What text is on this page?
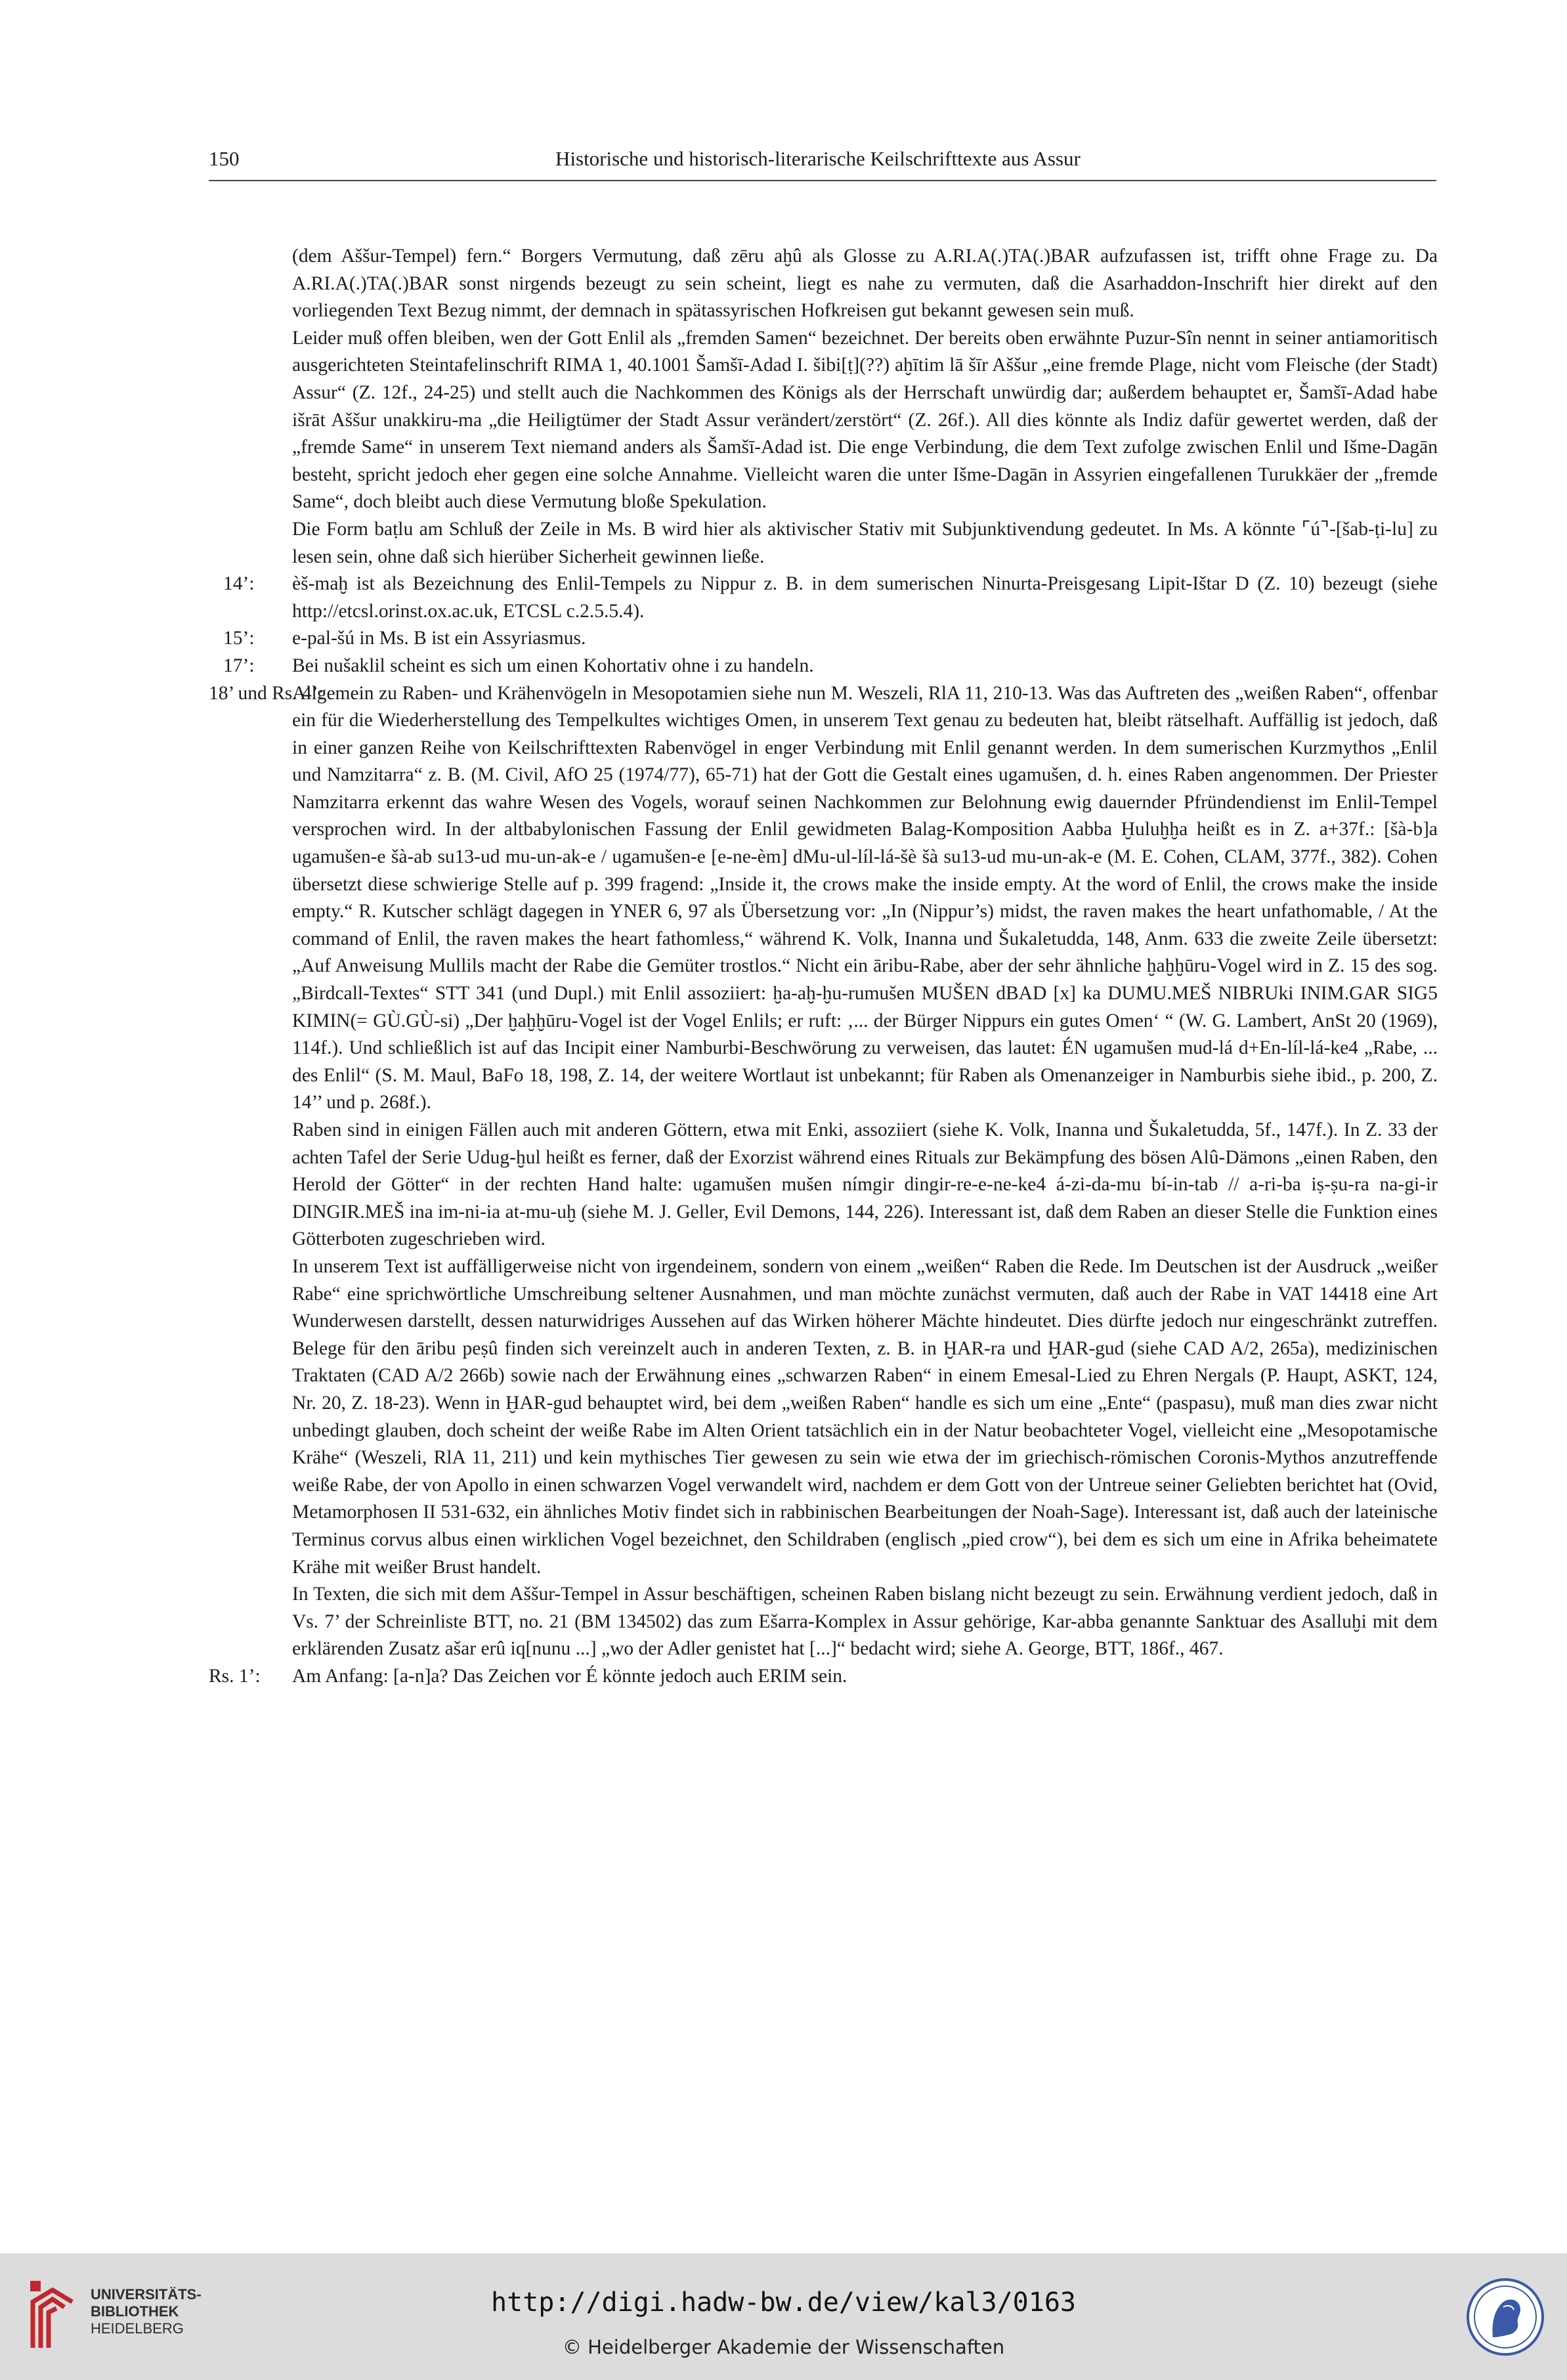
150	Historische und historisch-literarische Keilschrifttexte aus Assur

(dem Aššur-Tempel) fern.“ Borgers Vermutung, daß zēru aḫû als Glosse zu A.RI.A(.)TA(.)BAR aufzufassen ist, trifft ohne Frage zu. Da A.RI.A(.)TA(.)BAR sonst nirgends bezeugt zu sein scheint, liegt es nahe zu vermuten, daß die Asarhaddon-Inschrift hier direkt auf den vorliegenden Text Bezug nimmt, der demnach in spätassyrischen Hofkreisen gut bekannt gewesen sein muß.

Leider muß offen bleiben, wen der Gott Enlil als „fremden Samen“ bezeichnet. Der bereits oben erwähnte Puzur-Sîn nennt in seiner antiamoritisch ausgerichteten Steintafelinschrift RIMA 1, 40.1001 Šamšī-Adad I. šibi[ṭ](??) aḫītim lā šīr Aššur „eine fremde Plage, nicht vom Fleische (der Stadt) Assur“ (Z. 12f., 24-25) und stellt auch die Nachkommen des Königs als der Herrschaft unwürdig dar; außerdem behauptet er, Šamšī-Adad habe išrāt Aššur unakkiru-ma „die Heiligtümer der Stadt Assur verändert/zerstört“ (Z. 26f.). All dies könnte als Indiz dafür gewertet werden, daß der „fremde Same“ in unserem Text niemand anders als Šamšī-Adad ist. Die enge Verbindung, die dem Text zufolge zwischen Enlil und Išme-Dagān besteht, spricht jedoch eher gegen eine solche Annahme. Vielleicht waren die unter Išme-Dagān in Assyrien eingefallenen Turukkäer der „fremde Same“, doch bleibt auch diese Vermutung bloße Spekulation.

Die Form baṭlu am Schluß der Zeile in Ms. B wird hier als aktivischer Stativ mit Subjunktivendung gedeutet. In Ms. A könnte ⌜ú⌝-[šab-ṭi-lu] zu lesen sein, ohne daß sich hierüber Sicherheit gewinnen ließe.

14’: èš-maḫ ist als Bezeichnung des Enlil-Tempels zu Nippur z. B. in dem sumerischen Ninurta-Preisgesang Lipit-Ištar D (Z. 10) bezeugt (siehe http://etcsl.orinst.ox.ac.uk, ETCSL c.2.5.5.4).
15’: e-pal-šú in Ms. B ist ein Assyriasmus.
17’: Bei nušaklil scheint es sich um einen Kohortativ ohne i zu handeln.
18’ und Rs. 4’:
Allgemein zu Raben- und Krähenvögeln in Mesopotamien siehe nun M. Weszeli, RlA 11, 210-13. Was das Auftreten des „weißen Raben“, offenbar ein für die Wiederherstellung des Tempelkultes wichtiges Omen, in unserem Text genau zu bedeuten hat, bleibt rätselhaft. Auffällig ist jedoch, daß in einer ganzen Reihe von Keilschrifttexten Rabenvögel in enger Verbindung mit Enlil genannt werden. In dem sumerischen Kurzmythos „Enlil und Namzitarra“ z. B. (M. Civil, AfO 25 (1974/77), 65-71) hat der Gott die Gestalt eines ugamušen, d. h. eines Raben angenommen. Der Priester Namzitarra erkennt das wahre Wesen des Vogels, worauf seinen Nachkommen zur Belohnung ewig dauernder Pfründendienst im Enlil-Tempel versprochen wird. In der altbabylonischen Fassung der Enlil gewidmeten Balag-Komposition Aabba Ḫuluḫḫa heißt es in Z. a+37f.: [šà-b]a ugamušen-e šà-ab su13-ud mu-un-ak-e / ugamušen-e [e-ne-èm] dMu-ul-líl-lá-šè šà su13-ud mu-un-ak-e (M. E. Cohen, CLAM, 377f., 382). Cohen übersetzt diese schwierige Stelle auf p. 399 fragend: „Inside it, the crows make the inside empty. At the word of Enlil, the crows make the inside empty.“ R. Kutscher schlägt dagegen in YNER 6, 97 als Übersetzung vor: „In (Nippur’s) midst, the raven makes the heart unfathomable, / At the command of Enlil, the raven makes the heart fathomless,“ während K. Volk, Inanna und Šukaletudda, 148, Anm. 633 die zweite Zeile übersetzt: „Auf Anweisung Mullils macht der Rabe die Gemüter trostlos.“ Nicht ein āribu-Rabe, aber der sehr ähnliche ḫaḫḫūru-Vogel wird in Z. 15 des sog. „Birdcall-Textes“ STT 341 (und Dupl.) mit Enlil assoziiert: ḫa-aḫ-ḫu-rumušen MUŠEN dBAD [x] ka DUMU.MEŠ NIBRUki INIM.GAR SIG5 KIMIN(= GÙ.GÙ-si) „Der ḫaḫḫūru-Vogel ist der Vogel Enlils; er ruft: ‚... der Bürger Nippurs ein gutes Omen‘ “ (W. G. Lambert, AnSt 20 (1969), 114f.). Und schließlich ist auf das Incipit einer Namburbi-Beschwörung zu verweisen, das lautet: ÉN ugamušen mud-lá d+En-líl-lá-ke4 „Rabe, ... des Enlil“ (S. M. Maul, BaFo 18, 198, Z. 14, der weitere Wortlaut ist unbekannt; für Raben als Omenanzeiger in Namburbis siehe ibid., p. 200, Z. 14’’ und p. 268f.).

Raben sind in einigen Fällen auch mit anderen Göttern, etwa mit Enki, assoziiert (siehe K. Volk, Inanna und Šukaletudda, 5f., 147f.). In Z. 33 der achten Tafel der Serie Udug-ḫul heißt es ferner, daß der Exorzist während eines Rituals zur Bekämpfung des bösen Alû-Dämons „einen Raben, den Herold der Götter“ in der rechten Hand halte: ugamušen mušen nímgir dingir-re-e-ne-ke4 á-zi-da-mu bí-in-tab // a-ri-ba iṣ-ṣu-ra na-gi-ir DINGIR.MEŠ ina im-ni-ia at-mu-uḫ (siehe M. J. Geller, Evil Demons, 144, 226). Interessant ist, daß dem Raben an dieser Stelle die Funktion eines Götterboten zugeschrieben wird.

In unserem Text ist auffälligerweise nicht von irgendeinem, sondern von einem „weißen“ Raben die Rede. Im Deutschen ist der Ausdruck „weißer Rabe“ eine sprichwörtliche Umschreibung seltener Ausnahmen, und man möchte zunächst vermuten, daß auch der Rabe in VAT 14418 eine Art Wunderwesen darstellt, dessen naturwidriges Aussehen auf das Wirken höherer Mächte hindeutet. Dies dürfte jedoch nur eingeschränkt zutreffen. Belege für den āribu peṣû finden sich vereinzelt auch in anderen Texten, z. B. in ḪAR-ra und ḪAR-gud (siehe CAD A/2, 265a), medizinischen Traktaten (CAD A/2 266b) sowie nach der Erwähnung eines „schwarzen Raben“ in einem Emesal-Lied zu Ehren Nergals (P. Haupt, ASKT, 124, Nr. 20, Z. 18-23). Wenn in ḪAR-gud behauptet wird, bei dem „weißen Raben“ handle es sich um eine „Ente“ (paspasu), muß man dies zwar nicht unbedingt glauben, doch scheint der weiße Rabe im Alten Orient tatsächlich ein in der Natur beobachteter Vogel, vielleicht eine „Mesopotamische Krähe“ (Weszeli, RlA 11, 211) und kein mythisches Tier gewesen zu sein wie etwa der im griechisch-römischen Coronis-Mythos anzutreffende weiße Rabe, der von Apollo in einen schwarzen Vogel verwandelt wird, nachdem er dem Gott von der Untreue seiner Geliebten berichtet hat (Ovid, Metamorphosen II 531-632, ein ähnliches Motiv findet sich in rabbinischen Bearbeitungen der Noah-Sage). Interessant ist, daß auch der lateinische Terminus corvus albus einen wirklichen Vogel bezeichnet, den Schildraben (englisch „pied crow“), bei dem es sich um eine in Afrika beheimatete Krähe mit weißer Brust handelt.

In Texten, die sich mit dem Aššur-Tempel in Assur beschäftigen, scheinen Raben bislang nicht bezeugt zu sein. Erwähnung verdient jedoch, daß in Vs. 7’ der Schreinliste BTT, no. 21 (BM 134502) das zum Ešarra-Komplex in Assur gehörige, Kar-abba genannte Sanktuar des Asalluḫi mit dem erklärenden Zusatz ašar erû iq[nunu ...] „wo der Adler genistet hat [...]“ bedacht wird; siehe A. George, BTT, 186f., 467.

Rs. 1’: Am Anfang: [a-n]a? Das Zeichen vor É könnte jedoch auch ERIM sein.
UNIVERSITÄTS-
BIBLIOTHEK
HEIDELBERG
http://digi.hadw-bw.de/view/kal3/0163
© Heidelberger Akademie der Wissenschaften
